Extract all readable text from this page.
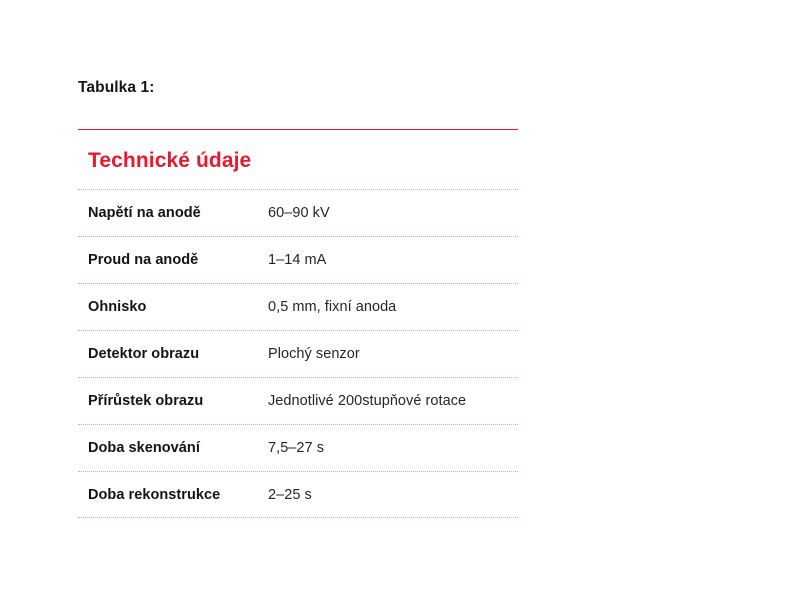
Tabulka 1:
Technické údaje
Napětí na anodě	60–90 kV
Proud na anodě	1–14 mA
Ohnisko	0,5 mm, fixní anoda
Detektor obrazu	Plochý senzor
Přírůstek obrazu	Jednotlivé 200stupňové rotace
Doba skenování	7,5–27 s
Doba rekonstrukce	2–25 s
